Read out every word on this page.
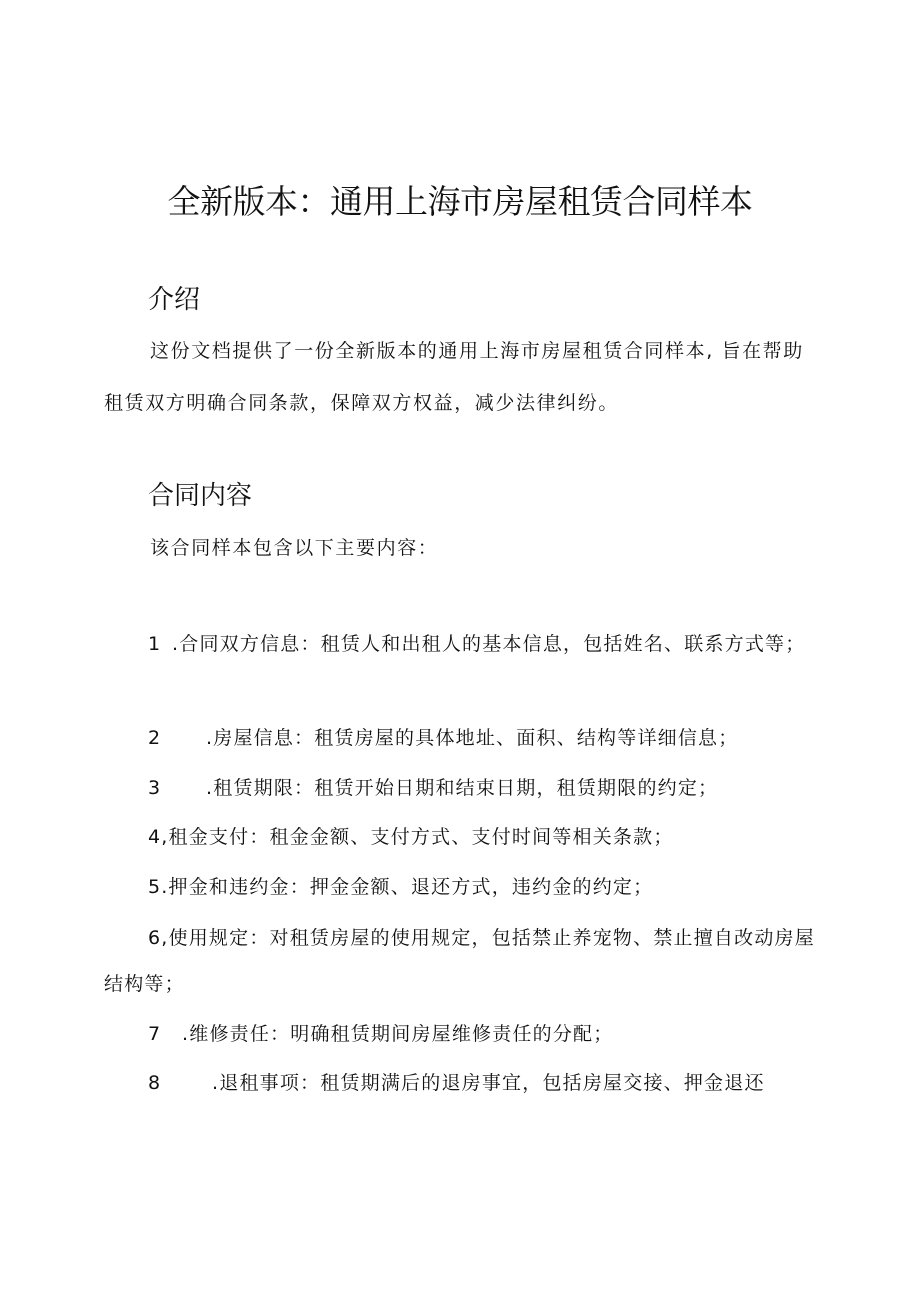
全新版本：通用上海市房屋租赁合同样本
介绍

这份文档提供了一份全新版本的通用上海市房屋租赁合同样本, 旨在帮助租赁双方明确合同条款，保障双方权益，减少法律纠纷。

合同内容

该合同样本包含以下主要内容：

1 .合同双方信息：租赁人和出租人的基本信息，包括姓名、联系方式等；

2 .房屋信息：租赁房屋的具体地址、面积、结构等详细信息；

3 .租赁期限：租赁开始日期和结束日期，租赁期限的约定；

4,租金支付：租金金额、支付方式、支付时间等相关条款；

5.押金和违约金：押金金额、退还方式，违约金的约定；

6,使用规定：对租赁房屋的使用规定，包括禁止养宠物、禁止擅自改动房屋结构等；

7 .维修责任：明确租赁期间房屋维修责任的分配；

8	.退租事项：租赁期满后的退房事宜，包括房屋交接、押金退还
